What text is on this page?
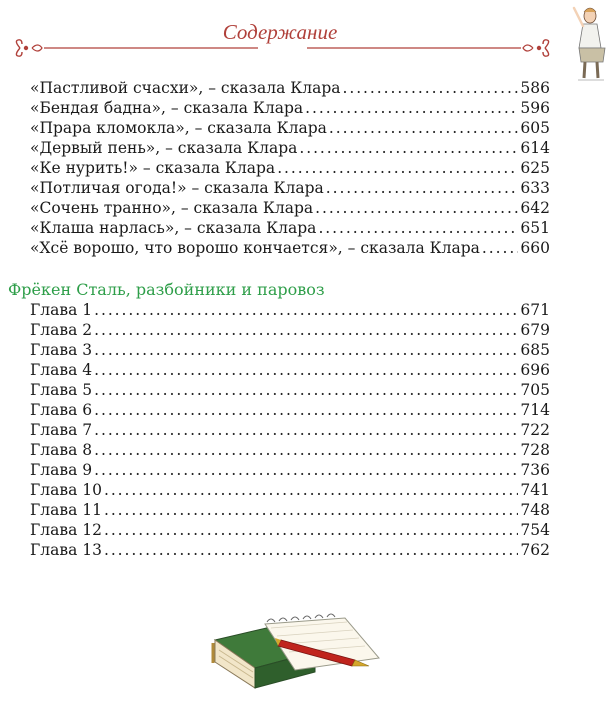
Содержание
«Пастливой счасхи», – сказала Клара . . .	586
«Бендая бадна», – сказала Клара . . .	596
«Прара кломокла», – сказала Клара . . .	605
«Дервый пень», – сказала Клара . . .	614
«Ке нурить!» – сказала Клара . . .	625
«Потличая огода!» – сказала Клара . . .	633
«Сочень транно», – сказала Клара . . .	642
«Клаша нарлась», – сказала Клара . . .	651
«Хсё ворошо, что ворошо кончается», – сказала Клара . . .	660
Фрёкен Сталь, разбойники и паровоз
Глава 1 . . .	671
Глава 2 . . .	679
Глава 3 . . .	685
Глава 4 . . .	696
Глава 5 . . .	705
Глава 6 . . .	714
Глава 7 . . .	722
Глава 8 . . .	728
Глава 9 . . .	736
Глава 10 . . .	741
Глава 11 . . .	748
Глава 12 . . .	754
Глава 13 . . .	762
